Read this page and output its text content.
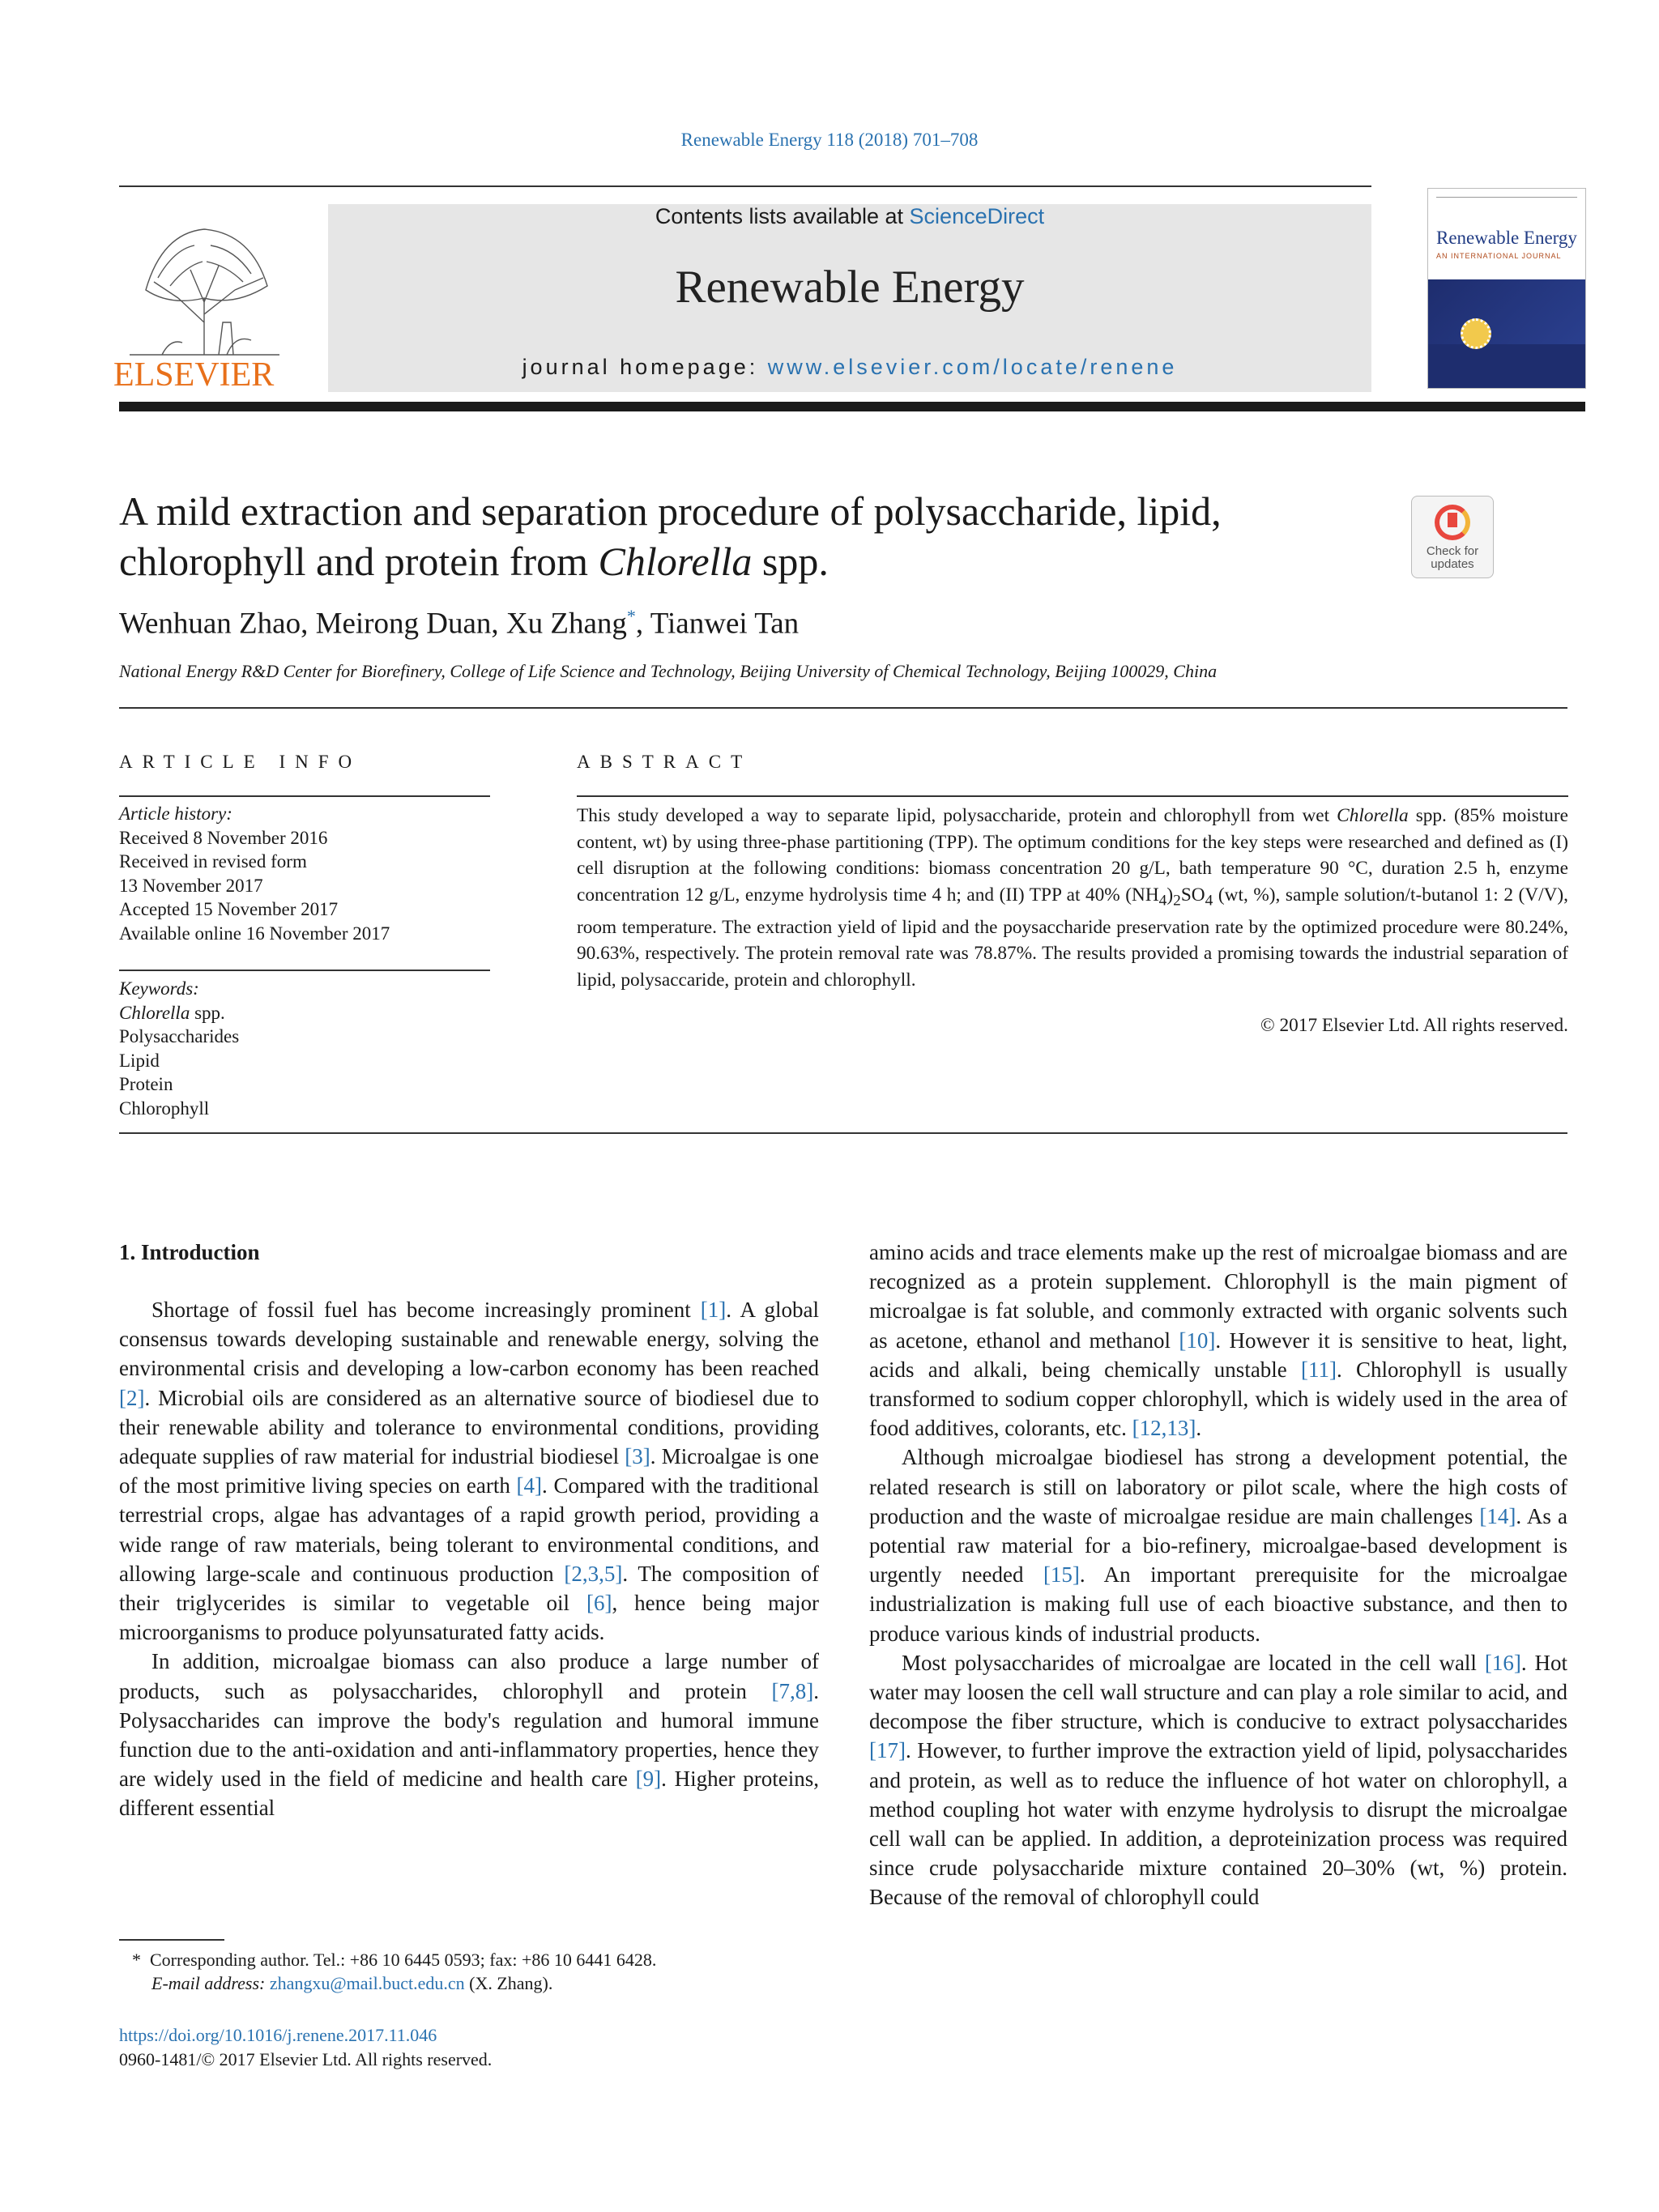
Renewable Energy 118 (2018) 701–708
ELSEVIER
Contents lists available at ScienceDirect
Renewable Energy
journal homepage: www.elsevier.com/locate/renene
Renewable Energy
AN INTERNATIONAL JOURNAL
A mild extraction and separation procedure of polysaccharide, lipid,
chlorophyll and protein from Chlorella spp.	Check for
updates
Wenhuan Zhao, Meirong Duan, Xu Zhang*, Tianwei Tan
National Energy R&D Center for Biorefinery, College of Life Science and Technology, Beijing University of Chemical Technology, Beijing 100029, China
ARTICLE INFO	ABSTRACT
Article history:
Received 8 November 2016
Received in revised form
13 November 2017
Accepted 15 November 2017
Available online 16 November 2017
Keywords:
Chlorella spp.
Polysaccharides
Lipid
Protein
Chlorophyll
This study developed a way to separate lipid, polysaccharide, protein and chlorophyll from wet Chlorella spp. (85% moisture content, wt) by using three-phase partitioning (TPP). The optimum conditions for the key steps were researched and defined as (I) cell disruption at the following conditions: biomass concentration 20 g/L, bath temperature 90 °C, duration 2.5 h, enzyme concentration 12 g/L, enzyme hydrolysis time 4 h; and (II) TPP at 40% $(NH_4)_2SO_4$ (wt, %), sample solution/t-butanol 1: 2 (V/V), room temperature. The extraction yield of lipid and the poysaccharide preservation rate by the optimized procedure were 80.24%, 90.63%, respectively. The protein removal rate was 78.87%. The results provided a promising towards the industrial separation of lipid, polysaccaride, protein and chlorophyll.
© 2017 Elsevier Ltd. All rights reserved.
1. Introduction

Shortage of fossil fuel has become increasingly prominent [1]. A global consensus towards developing sustainable and renewable energy, solving the environmental crisis and developing a low-carbon economy has been reached [2]. Microbial oils are considered as an alternative source of biodiesel due to their renewable ability and tolerance to environmental conditions, providing adequate supplies of raw material for industrial biodiesel [3]. Microalgae is one of the most primitive living species on earth [4]. Compared with the traditional terrestrial crops, algae has advantages of a rapid growth period, providing a wide range of raw materials, being tolerant to environmental conditions, and allowing large-scale and continuous production [2,3,5]. The composition of their triglycerides is similar to vegetable oil [6], hence being major microorganisms to produce polyunsaturated fatty acids.

In addition, microalgae biomass can also produce a large number of products, such as polysaccharides, chlorophyll and protein [7,8]. Polysaccharides can improve the body's regulation and humoral immune function due to the anti-oxidation and anti-inflammatory properties, hence they are widely used in the field of medicine and health care [9]. Higher proteins, different essential

amino acids and trace elements make up the rest of microalgae biomass and are recognized as a protein supplement. Chlorophyll is the main pigment of microalgae is fat soluble, and commonly extracted with organic solvents such as acetone, ethanol and methanol [10]. However it is sensitive to heat, light, acids and alkali, being chemically unstable [11]. Chlorophyll is usually transformed to sodium copper chlorophyll, which is widely used in the area of food additives, colorants, etc. [12,13].

Although microalgae biodiesel has strong a development potential, the related research is still on laboratory or pilot scale, where the high costs of production and the waste of microalgae residue are main challenges [14]. As a potential raw material for a bio-refinery, microalgae-based development is urgently needed [15]. An important prerequisite for the microalgae industrialization is making full use of each bioactive substance, and then to produce various kinds of industrial products.

Most polysaccharides of microalgae are located in the cell wall [16]. Hot water may loosen the cell wall structure and can play a role similar to acid, and decompose the fiber structure, which is conducive to extract polysaccharides [17]. However, to further improve the extraction yield of lipid, polysaccharides and protein, as well as to reduce the influence of hot water on chlorophyll, a method coupling hot water with enzyme hydrolysis to disrupt the microalgae cell wall can be applied. In addition, a deproteinization process was required since crude polysaccharide mixture contained 20–30% (wt, %) protein. Because of the removal of chlorophyll could

* Corresponding author. Tel.: +86 10 6445 0593; fax: +86 10 6441 6428.
E-mail address: zhangxu@mail.buct.edu.cn (X. Zhang).
https://doi.org/10.1016/j.renene.2017.11.046
0960-1481/© 2017 Elsevier Ltd. All rights reserved.
